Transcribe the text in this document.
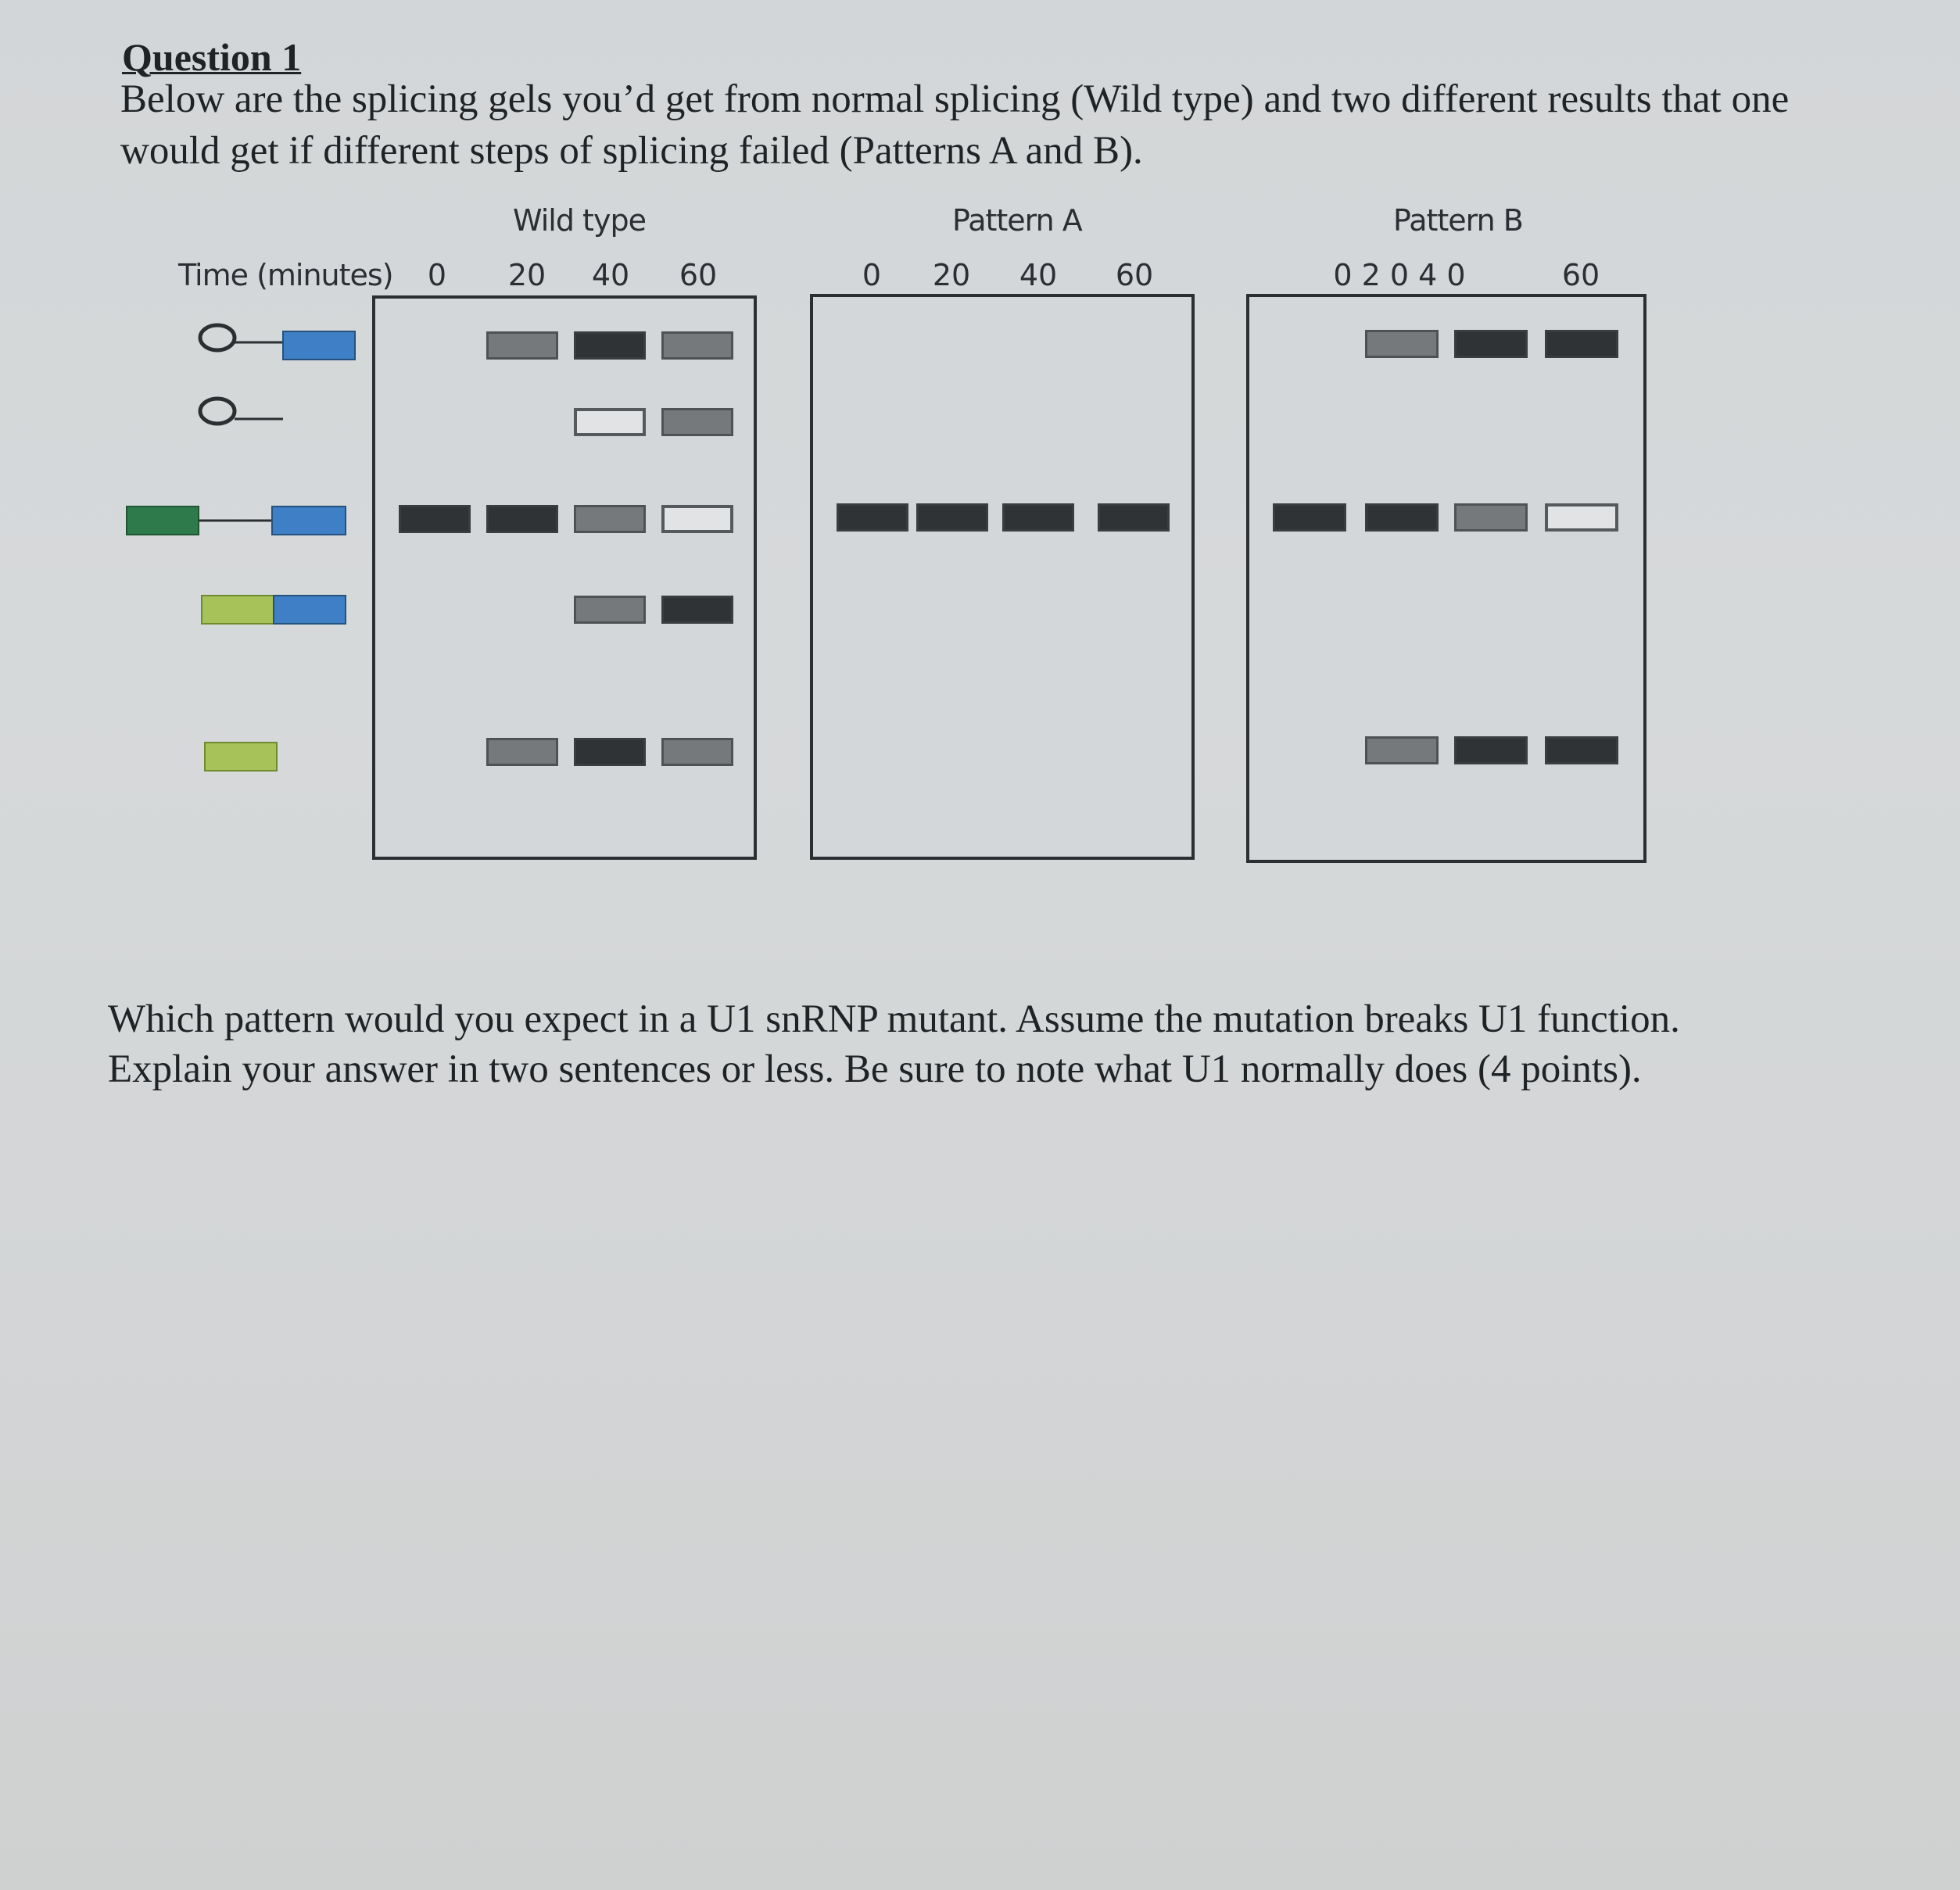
Question 1
Below are the splicing gels you’d get from normal splicing (Wild type) and two different results that one would get if different steps of splicing failed (Patterns A and B).
Time (minutes)
Wild type	Pattern A	Pattern B
0 20 40 60	0 20 40 60	0 2 0 4 0	60
Which pattern would you expect in a U1 snRNP mutant. Assume the mutation breaks U1 function. Explain your answer in two sentences or less. Be sure to note what U1 normally does (4 points).
